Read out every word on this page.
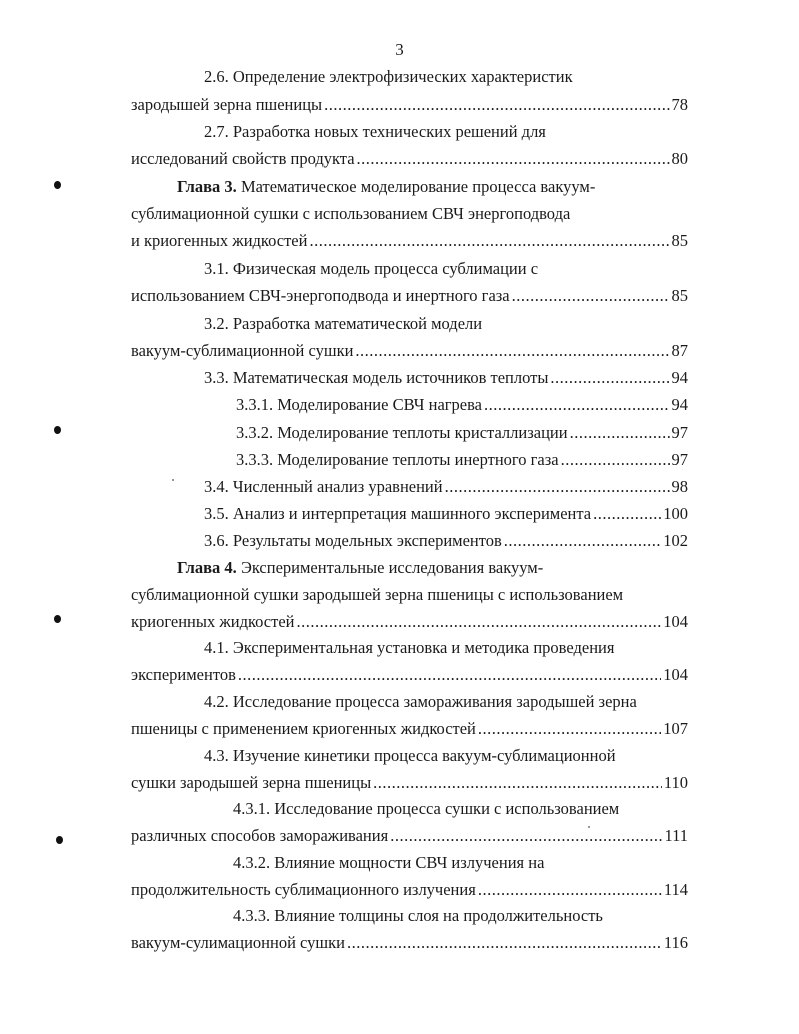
3
2.6. Определение электрофизических характеристик
зародышей зерна пшеницы .....	78
2.7. Разработка новых технических решений для
исследований свойств продукта .....	80
Глава 3. Математическое моделирование процесса вакуум-
сублимационной сушки с использованием СВЧ энергоподвода
и криогенных жидкостей .....	85
3.1. Физическая модель процесса сублимации с
использованием СВЧ-энергоподвода и инертного газа .....	85
3.2. Разработка математической модели
вакуум-сублимационной сушки .....	87
3.3. Математическая модель источников теплоты .....	94
3.3.1. Моделирование СВЧ нагрева .....	94
3.3.2. Моделирование теплоты кристаллизации .....	97
3.3.3. Моделирование теплоты инертного газа .....	97
3.4. Численный анализ уравнений .....	98
3.5. Анализ и интерпретация машинного эксперимента .....	100
3.6. Результаты модельных экспериментов .....	102
Глава 4. Экспериментальные исследования вакуум-
сублимационной сушки зародышей зерна пшеницы с использованием
криогенных жидкостей .....	104
4.1. Экспериментальная установка и методика проведения
экспериментов .....	104
4.2. Исследование процесса замораживания зародышей зерна
пшеницы с применением криогенных жидкостей .....	107
4.3. Изучение кинетики процесса вакуум-сублимационной
сушки зародышей зерна пшеницы .....	110
4.3.1. Исследование процесса сушки с использованием
различных способов замораживания .....	111
4.3.2. Влияние мощности СВЧ излучения на
продолжительность сублимационного излучения .....	114
4.3.3. Влияние толщины слоя на продолжительность
вакуум-сулимационной сушки .....	116
